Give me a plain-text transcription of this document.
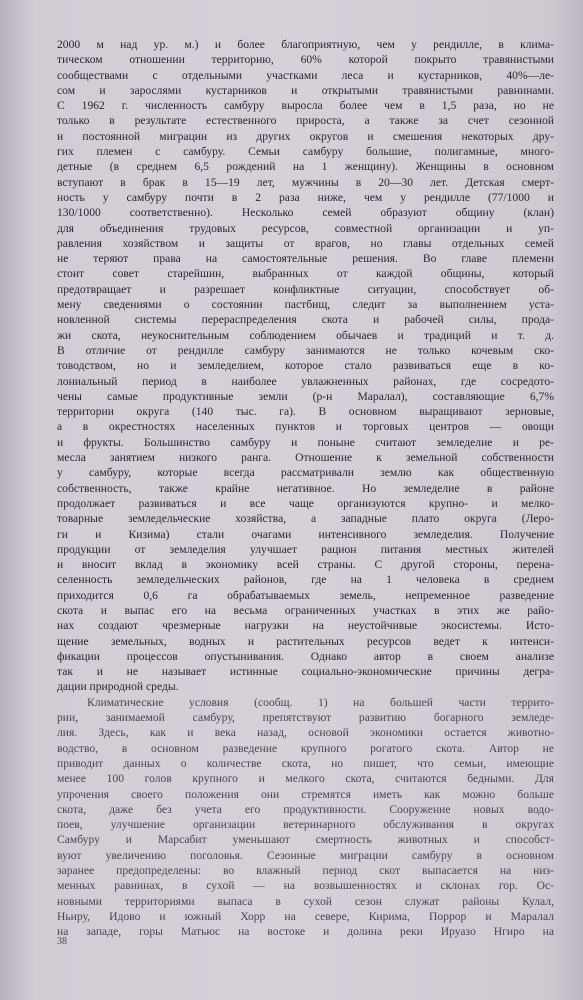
2000 м над ур. м.) и более благоприятную, чем у рендилле, в клима-
тическом отношении территорию, 60% которой покрыто травянистыми
сообществами с отдельными участками леса и кустарников, 40%—ле-
сом и зарослями кустарников и открытыми травянистыми равнинами.
С 1962 г. численность самбуру выросла более чем в 1,5 раза, но не
только в результате естественного прироста, а также за счет сезонной
и постоянной миграции из других округов и смешения некоторых дру-
гих племен с самбуру. Семьи самбуру большие, полигамные, много-
детные (в среднем 6,5 рождений на 1 женщину). Женщины в основном
вступают в брак в 15—19 лет, мужчины в 20—30 лет. Детская смерт-
ность у самбуру почти в 2 раза ниже, чем у рендилле (77/1000 и
130/1000 соответственно). Несколько семей образуют общину (клан)
для объединения трудовых ресурсов, совместной организации и уп-
равления хозяйством и защиты от врагов, но главы отдельных семей
не теряют права на самостоятельные решения. Во главе племени
стоит совет старейшин, выбранных от каждой общины, который
предотвращает и разрешает конфликтные ситуации, способствует об-
мену сведениями о состоянии пастбищ, следит за выполнением уста-
новленной системы перераспределения скота и рабочей силы, прода-
жи скота, неукоснительным соблюдением обычаев и традиций и т. д.
В отличие от рендилле самбуру занимаются не только кочевым ско-
товодством, но и земледелием, которое стало развиваться еще в ко-
лониальный период в наиболее увлажненных районах, где сосредото-
чены самые продуктивные земли (р-н Маралал), составляющие 6,7%
территории округа (140 тыс. га). В основном выращивают зерновые,
а в окрестностях населенных пунктов и торговых центров — овощи
и фрукты. Большинство самбуру и поныне считают земледелие и ре-
месла занятием низкого ранга. Отношение к земельной собственности
у самбуру, которые всегда рассматривали землю как общественную
собственность, также крайне негативное. Но земледелие в районе
продолжает развиваться и все чаще организуются крупно- и мелко-
товарные земледельческие хозяйства, а западные плато округа (Лерo-
ги и Кизима) стали очагами интенсивного земледелия. Получение
продукции от земледелия улучшает рацион питания местных жителей
и вносит вклад в экономику всей страны. С другой стороны, перена-
селенность земледельческих районов, где на 1 человека в среднем
приходится 0,6 га обрабатываемых земель, непременное разведение
скота и выпас его на весьма ограниченных участках в этих же райо-
нах создают чрезмерные нагрузки на неустойчивые экосистемы. Исто-
щение земельных, водных и растительных ресурсов ведет к интенси-
фикации процессов опустынивания. Однако автор в своем анализе
так и не называет истинные социально-экономические причины дегра-
дации природной среды.
Климатические условия (сообщ. 1) на большей части террито-
рии, занимаемой самбуру, препятствуют развитию богарного земледе-
лия. Здесь, как и века назад, основой экономики остается животно-
водство, в основном разведение крупного рогатого скота. Автор не
приводит данных о количестве скота, но пишет, что семьи, имеющие
менее 100 голов крупного и мелкого скота, считаются бедными. Для
упрочения своего положения они стремятся иметь как можно больше
скота, даже без учета его продуктивности. Сооружение новых водо-
поев, улучшение организации ветеринарного обслуживания в округах
Самбуру и Марсабит уменьшают смертность животных и способст-
вуют увеличению поголовья. Сезонные миграции самбуру в основном
заранее предопределены: во влажный период скот выпасается на низ-
менных равнинах, в сухой — на возвышенностях и склонах гор. Ос-
новными территориями выпаса в сухой сезон служат районы Кулал,
Ньиру, Идово и южный Хорр на севере, Кирима, Поррор и Маралал
на западе, горы Матьюс на востоке и долина реки Ируазо Нгиро на
38
